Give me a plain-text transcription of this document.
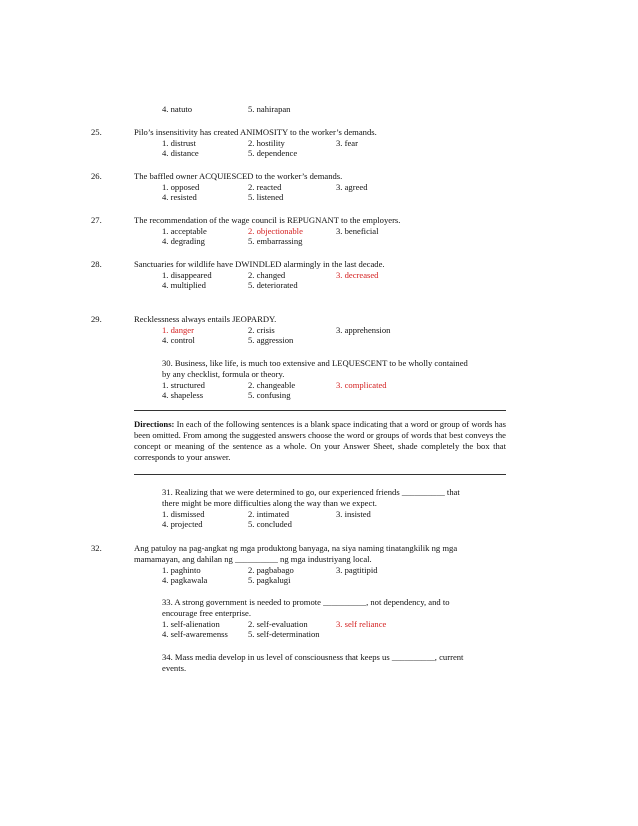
4. natuto	5. nahirapan
25.	Pilo’s insensitivity has created ANIMOSITY to the worker’s demands.
1. distrust	2. hostility	3. fear
4. distance	5. dependence
26.	The baffled owner ACQUIESCED to the worker’s demands.
1. opposed	2. reacted	3. agreed
4. resisted	5. listened
27.	The recommendation of the wage council is REPUGNANT to the employers.
1. acceptable	2. objectionable	3. beneficial
4. degrading	5. embarrassing
28.	Sanctuaries for wildlife have DWINDLED alarmingly in the last decade.
1. disappeared	2. changed	3. decreased
4. multiplied	5. deteriorated
29.	Recklessness always entails JEOPARDY.
1. danger	2. crisis	3. apprehension
4. control	5. aggression
30. Business, like life, is much too extensive and LEQUESCENT to be wholly contained
by any checklist, formula or theory.
1. structured	2. changeable	3. complicated
4. shapeless	5. confusing
Directions: In each of the following sentences is a blank space indicating that a word or group of words has been omitted. From among the suggested answers choose the word or groups of words that best conveys the concept or meaning of the sentence as a whole. On your Answer Sheet, shade completely the box that corresponds to your answer.
31. Realizing that we were determined to go, our experienced friends __________ that
there might be more difficulties along the way than we expect.
1. dismissed	2. intimated	3. insisted
4. projected	5. concluded
32.	Ang patuloy na pag-angkat ng mga produktong banyaga, na siya naming tinatangkilik ng mga
mamamayan, ang dahilan ng __________ ng mga industriyang local.
1. paghinto	2. pagbabago	3. pagtitipid
4. pagkawala	5. pagkalugi
33. A strong government is needed to promote __________, not dependency, and to
encourage free enterprise.
1. self-alienation	2. self-evaluation	3. self reliance
4. self-awaremenss 5. self-determination
34. Mass media develop in us level of consciousness that keeps us __________, current
events.
